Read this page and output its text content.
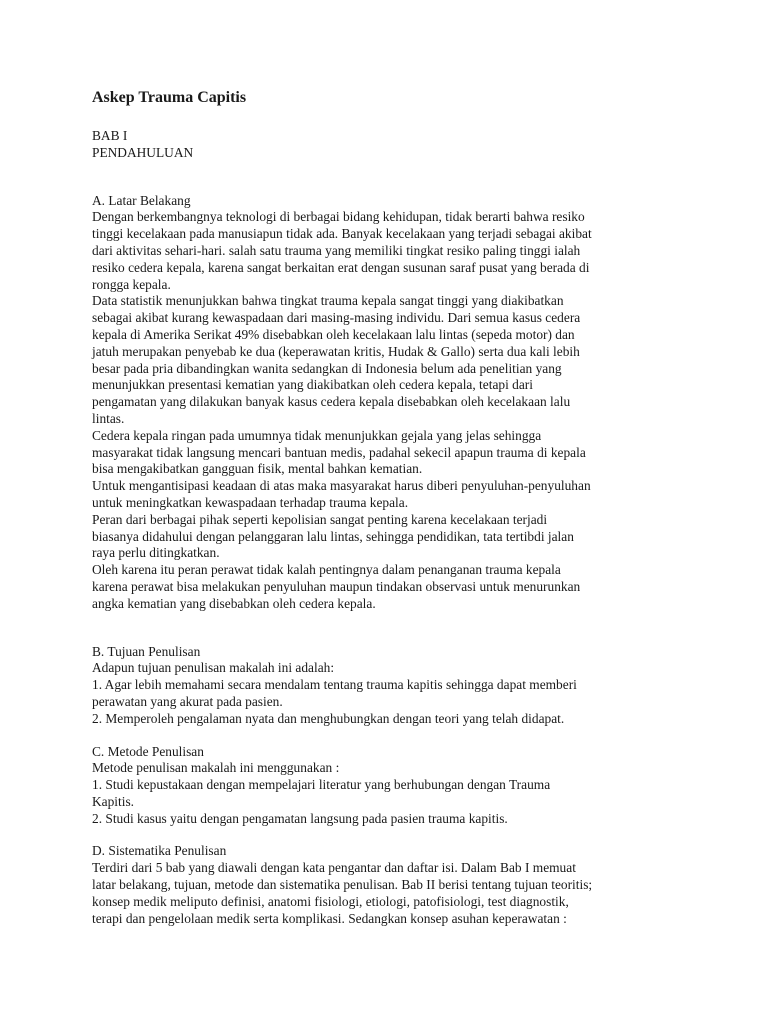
Askep Trauma Capitis
BAB I
PENDAHULUAN
A. Latar Belakang
Dengan berkembangnya teknologi di berbagai bidang kehidupan, tidak berarti bahwa resiko
tinggi kecelakaan pada manusiapun tidak ada. Banyak kecelakaan yang terjadi sebagai akibat
dari aktivitas sehari-hari. salah satu trauma yang memiliki tingkat resiko paling tinggi ialah
resiko cedera kepala, karena sangat berkaitan erat dengan susunan saraf pusat yang berada di
rongga kepala.
Data statistik menunjukkan bahwa tingkat trauma kepala sangat tinggi yang diakibatkan
sebagai akibat kurang kewaspadaan dari masing-masing individu. Dari semua kasus cedera
kepala di Amerika Serikat 49% disebabkan oleh kecelakaan lalu lintas (sepeda motor) dan
jatuh merupakan penyebab ke dua (keperawatan kritis, Hudak & Gallo) serta dua kali lebih
besar pada pria dibandingkan wanita sedangkan di Indonesia belum ada penelitian yang
menunjukkan presentasi kematian yang diakibatkan oleh cedera kepala, tetapi dari
pengamatan yang dilakukan banyak kasus cedera kepala disebabkan oleh kecelakaan lalu
lintas.
Cedera kepala ringan pada umumnya tidak menunjukkan gejala yang jelas sehingga
masyarakat tidak langsung mencari bantuan medis, padahal sekecil apapun trauma di kepala
bisa mengakibatkan gangguan fisik, mental bahkan kematian.
Untuk mengantisipasi keadaan di atas maka masyarakat harus diberi penyuluhan-penyuluhan
untuk meningkatkan kewaspadaan terhadap trauma kepala.
Peran dari berbagai pihak seperti kepolisian sangat penting karena kecelakaan terjadi
biasanya didahului dengan pelanggaran lalu lintas, sehingga pendidikan, tata tertibdi jalan
raya perlu ditingkatkan.
Oleh karena itu peran perawat tidak kalah pentingnya dalam penanganan trauma kepala
karena perawat bisa melakukan penyuluhan maupun tindakan observasi untuk menurunkan
angka kematian yang disebabkan oleh cedera kepala.
B. Tujuan Penulisan
Adapun tujuan penulisan makalah ini adalah:
1. Agar lebih memahami secara mendalam tentang trauma kapitis sehingga dapat memberi
perawatan yang akurat pada pasien.
2. Memperoleh pengalaman nyata dan menghubungkan dengan teori yang telah didapat.
C. Metode Penulisan
Metode penulisan makalah ini menggunakan :
1. Studi kepustakaan dengan mempelajari literatur yang berhubungan dengan Trauma
Kapitis.
2. Studi kasus yaitu dengan pengamatan langsung pada pasien trauma kapitis.
D. Sistematika Penulisan
Terdiri dari 5 bab yang diawali dengan kata pengantar dan daftar isi. Dalam Bab I memuat
latar belakang, tujuan, metode dan sistematika penulisan. Bab II berisi tentang tujuan teoritis;
konsep medik meliputo definisi, anatomi fisiologi, etiologi, patofisiologi, test diagnostik,
terapi dan pengelolaan medik serta komplikasi. Sedangkan konsep asuhan keperawatan :
